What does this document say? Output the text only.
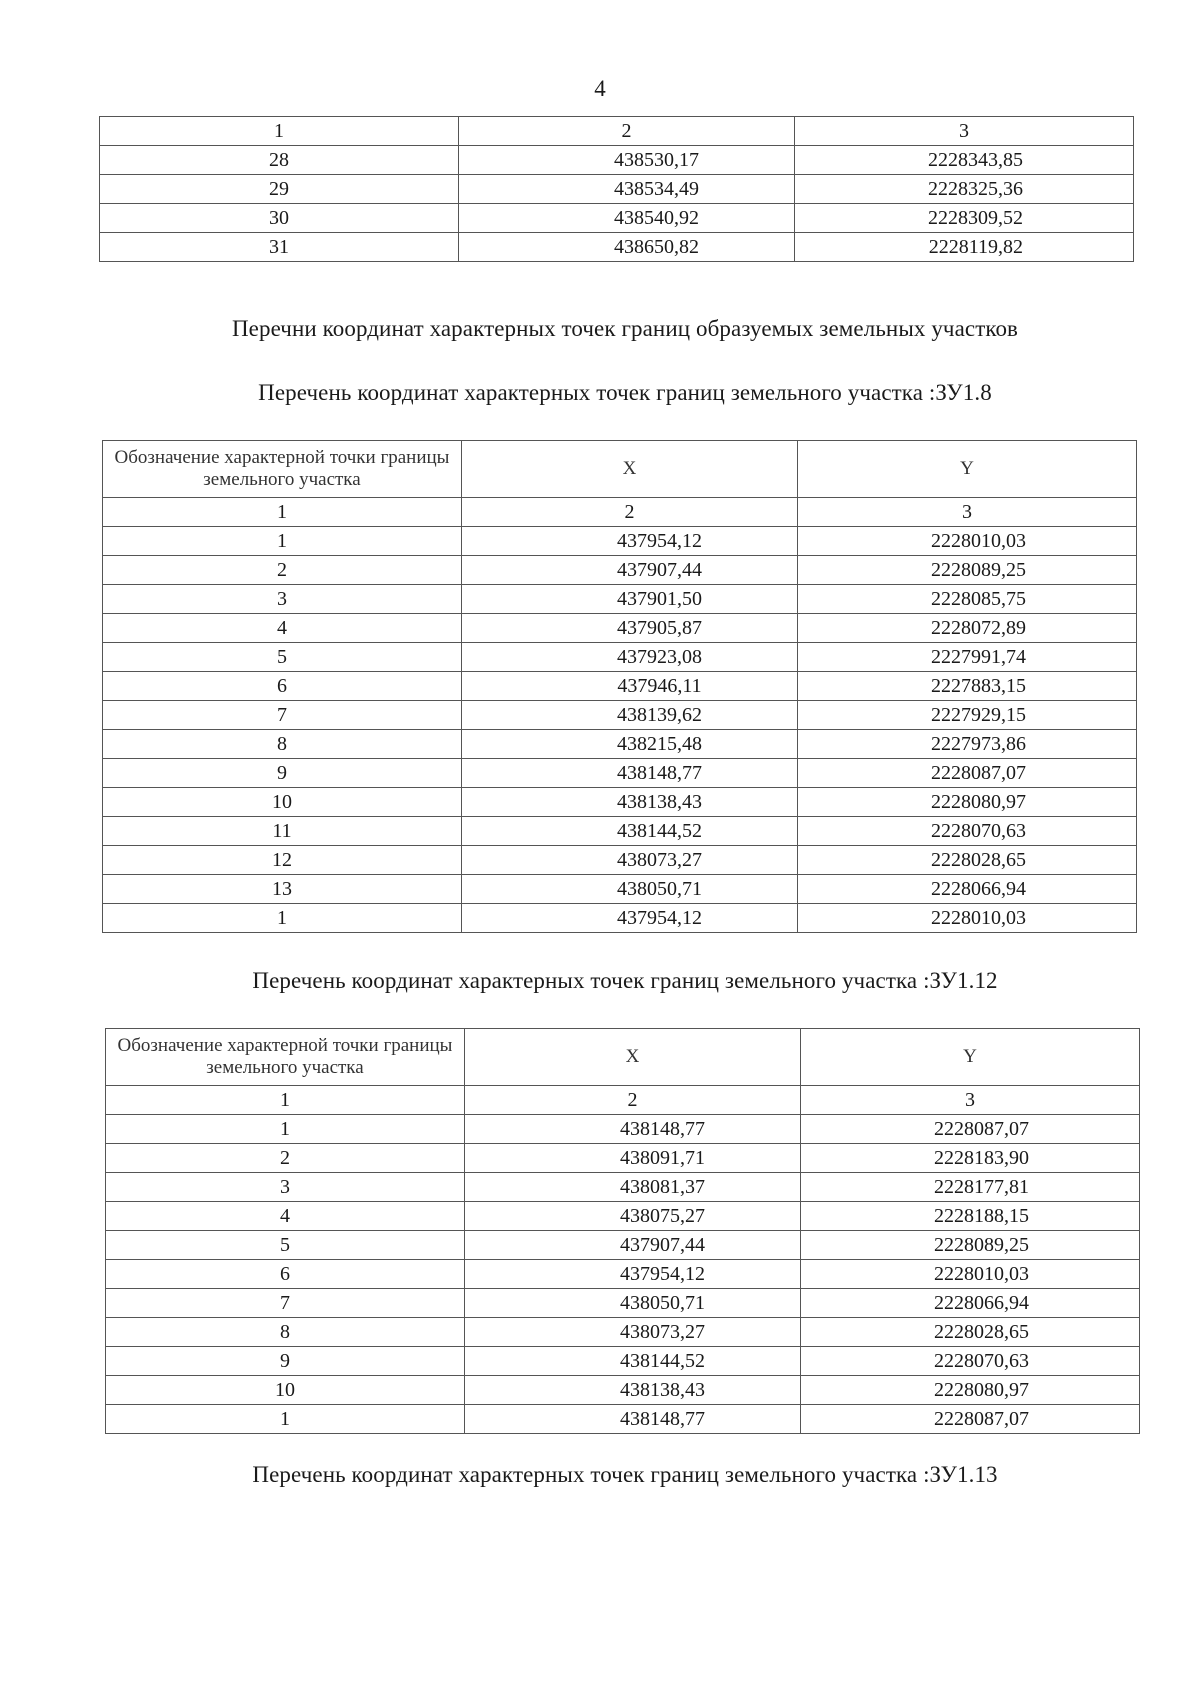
4
1	2	3
28	438530,17	2228343,85
29	438534,49	2228325,36
30	438540,92	2228309,52
31	438650,82	2228119,82
Перечни координат характерных точек границ образуемых земельных участков
Перечень координат характерных точек границ земельного участка :ЗУ1.8
Обозначение характерной точки границы земельного участка	X	Y
1	2	3
1	437954,12	2228010,03
2	437907,44	2228089,25
3	437901,50	2228085,75
4	437905,87	2228072,89
5	437923,08	2227991,74
6	437946,11	2227883,15
7	438139,62	2227929,15
8	438215,48	2227973,86
9	438148,77	2228087,07
10	438138,43	2228080,97
11	438144,52	2228070,63
12	438073,27	2228028,65
13	438050,71	2228066,94
1	437954,12	2228010,03
Перечень координат характерных точек границ земельного участка :ЗУ1.12
Обозначение характерной точки границы земельного участка	X	Y
1	2	3
1	438148,77	2228087,07
2	438091,71	2228183,90
3	438081,37	2228177,81
4	438075,27	2228188,15
5	437907,44	2228089,25
6	437954,12	2228010,03
7	438050,71	2228066,94
8	438073,27	2228028,65
9	438144,52	2228070,63
10	438138,43	2228080,97
1	438148,77	2228087,07
Перечень координат характерных точек границ земельного участка :ЗУ1.13
